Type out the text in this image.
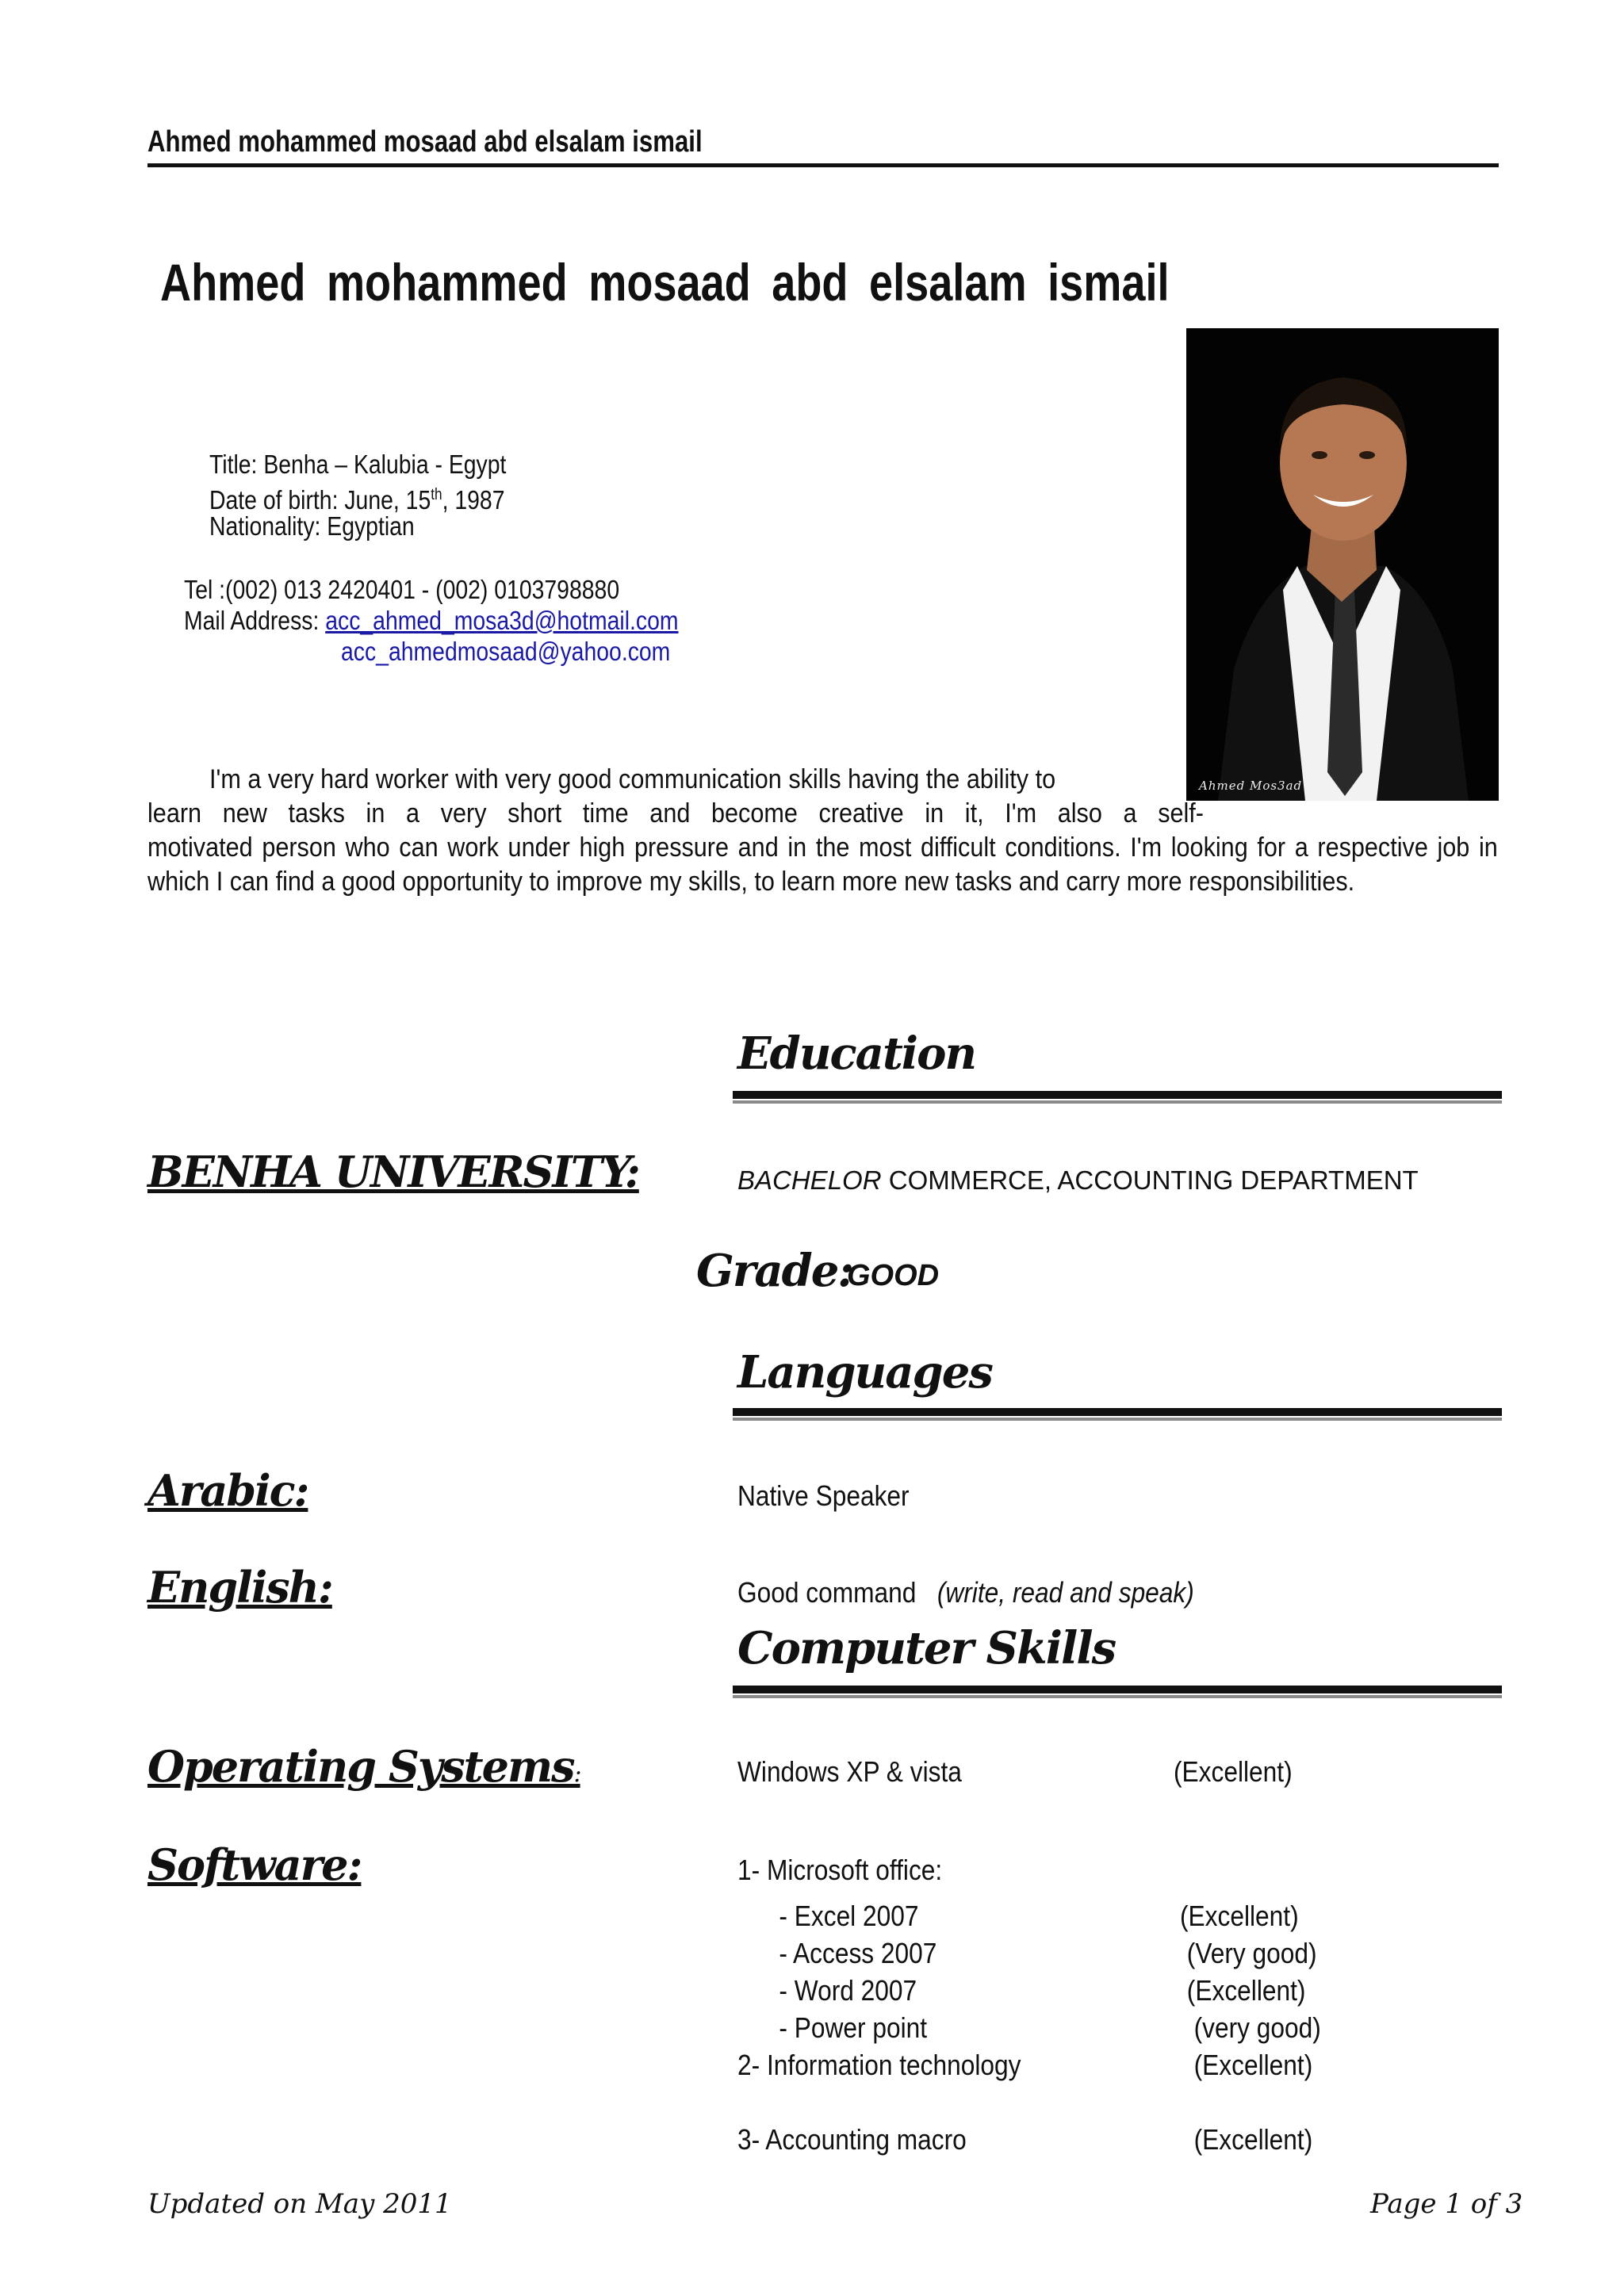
Ahmed mohammed mosaad abd elsalam ismail
Ahmed mohammed mosaad abd elsalam ismail
Ahmed Mos3ad
Title: Benha – Kalubia - Egypt
Date of birth: June, 15th, 1987
Nationality: Egyptian
Tel :(002) 013 2420401 - (002) 0103798880
Mail Address: acc_ahmed_mosa3d@hotmail.com
acc_ahmedmosaad@yahoo.com
I'm a very hard worker with very good communication skills having the ability to
learn new tasks in a very short time and become creative in it, I'm also a self-
motivated person who can work under high pressure and in the most difficult conditions. I'm looking for a respective job in which I can find a good opportunity to improve my skills, to learn more new tasks and carry more responsibilities.
Education
BENHA UNIVERSITY:	BACHELOR COMMERCE, ACCOUNTING DEPARTMENT
Grade:
GOOD
Languages
Arabic:	Native Speaker
English:	Good command (write, read and speak)
Computer Skills
Operating Systems:	Windows XP & vista	(Excellent)
Software:	1- Microsoft office:
- Excel 2007	(Excellent)
- Access 2007	(Very good)
- Word 2007	(Excellent)
- Power point	(very good)
2- Information technology	(Excellent)
3- Accounting macro	(Excellent)
Updated on May 2011	Page 1 of 3
